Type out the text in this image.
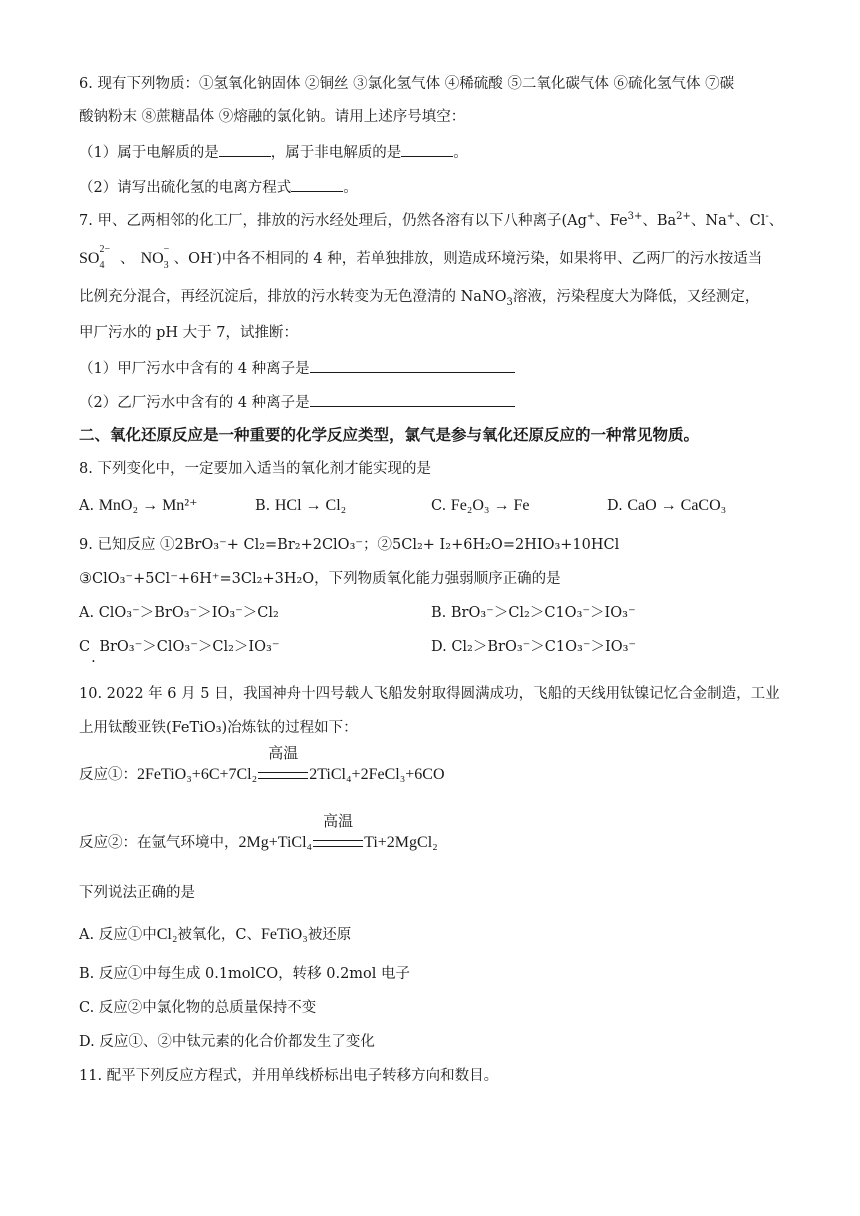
6. 现有下列物质：①氢氧化钠固体 ②铜丝 ③氯化氢气体 ④稀硫酸 ⑤二氧化碳气体 ⑥硫化氢气体 ⑦碳
酸钠粉末 ⑧蔗糖晶体 ⑨熔融的氯化钠。请用上述序号填空：
（1）属于电解质的是	，属于非电解质的是	。
（2）请写出硫化氢的电离方程式	。
7. 甲、乙两相邻的化工厂，排放的污水经处理后，仍然各溶有以下八种离子(Ag+、$Fe^{3+}$、$Ba^{2+}$、Na+、Cl-、
SO
2−
4 、 NO
−
3 、OH-)中各不相同的 4 种，若单独排放，则造成环境污染，如果将甲、乙两厂的污水按适当
比例充分混合，再经沉淀后，排放的污水转变为无色澄清的 NaNO$_3$溶液，污染程度大为降低，又经测定，
甲厂污水的 pH 大于 7，试推断：
（1）甲厂污水中含有的 4 种离子是
（2）乙厂污水中含有的 4 种离子是
二、氧化还原反应是一种重要的化学反应类型，氯气是参与氧化还原反应的一种常见物质。
8. 下列变化中，一定要加入适当的氧化剂才能实现的是
A. MnO₂ → Mn²⁺	B. HCl → Cl₂	C. Fe₂O₃ → Fe	D. CaO → CaCO₃
9. 已知反应 ①2BrO₃⁻+ Cl₂=Br₂+2ClO₃⁻；②5Cl₂+ I₂+6H₂O=2HIO₃+10HCl
③ClO₃⁻+5Cl⁻+6H⁺=3Cl₂+3H₂O，下列物质氧化能力强弱顺序正确的是
A. ClO₃⁻＞BrO₃⁻＞IO₃⁻＞Cl₂	B. BrO₃⁻＞Cl₂＞C1O₃⁻＞IO₃⁻
C
.
BrO₃⁻＞ClO₃⁻＞Cl₂＞IO₃⁻	D. Cl₂＞BrO₃⁻＞C1O₃⁻＞IO₃⁻
10. 2022 年 6 月 5 日，我国神舟十四号载人飞船发射取得圆满成功，飞船的天线用钛镍记忆合金制造，工业
上用钛酸亚铁(FeTiO₃)冶炼钛的过程如下：
反应①：2FeTiO₃+6C+7Cl₂
高温
2TiCl₄+2FeCl₃+6CO
反应②：在氩气环境中，2Mg+TiCl₄
高温
Ti+2MgCl₂
下列说法正确的是
A. 反应①中Cl₂被氧化，C、FeTiO₃被还原
B. 反应①中每生成 0.1molCO，转移 0.2mol 电子
C. 反应②中氯化物的总质量保持不变
D. 反应①、②中钛元素的化合价都发生了变化
11. 配平下列反应方程式，并用单线桥标出电子转移方向和数目。
